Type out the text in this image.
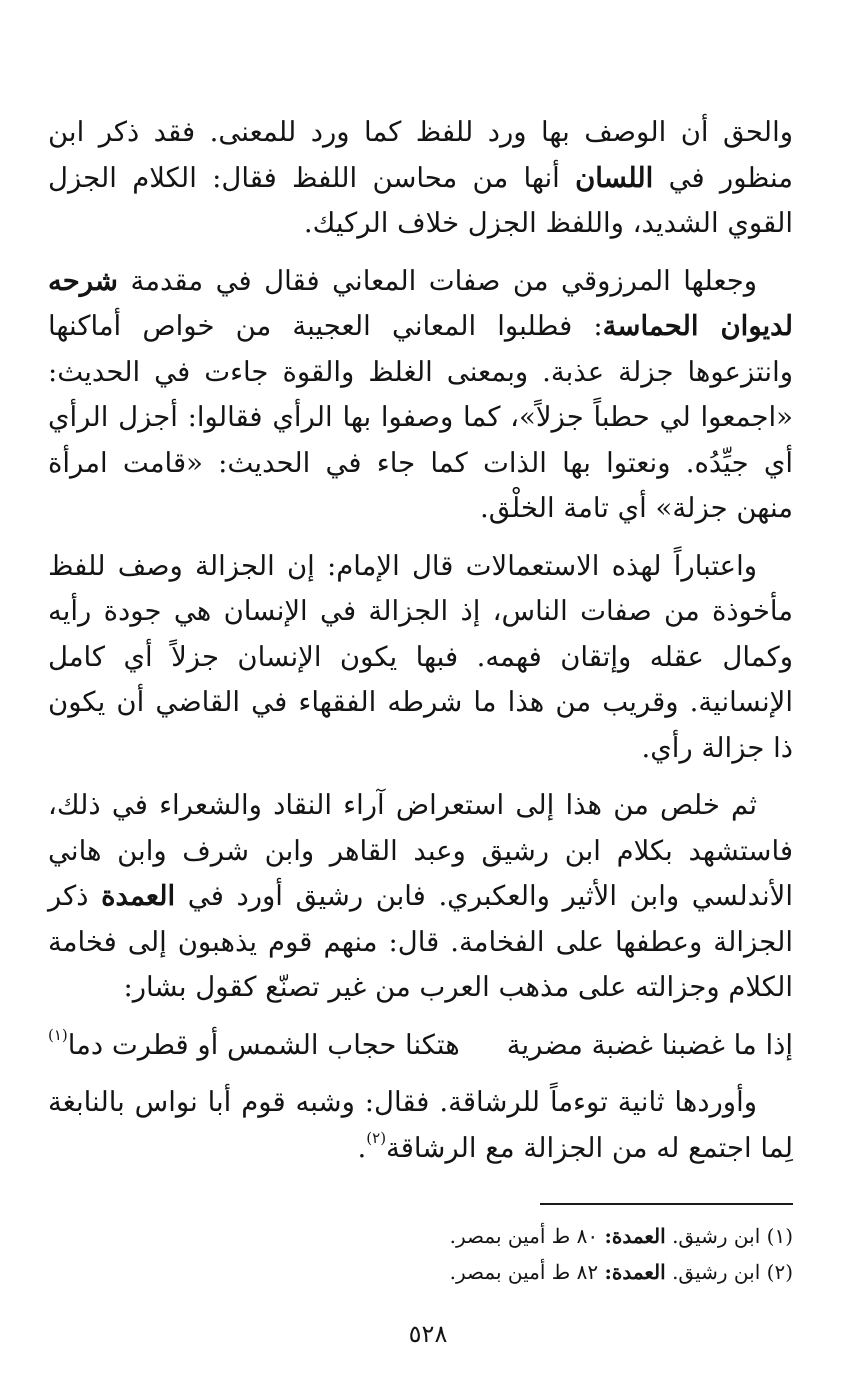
والحق أن الوصف بها ورد للفظ كما ورد للمعنى. فقد ذكر ابن منظور في اللسان أنها من محاسن اللفظ فقال: الكلام الجزل القوي الشديد، واللفظ الجزل خلاف الركيك.

وجعلها المرزوقي من صفات المعاني فقال في مقدمة شرحه لديوان الحماسة: فطلبوا المعاني العجيبة من خواص أماكنها وانتزعوها جزلة عذبة. وبمعنى الغلظ والقوة جاءت في الحديث: «اجمعوا لي حطباً جزلاً»، كما وصفوا بها الرأي فقالوا: أجزل الرأي أي جيِّدُه. ونعتوا بها الذات كما جاء في الحديث: «قامت امرأة منهن جزلة» أي تامة الخلْق.

واعتباراً لهذه الاستعمالات قال الإمام: إن الجزالة وصف للفظ مأخوذة من صفات الناس، إذ الجزالة في الإنسان هي جودة رأيه وكمال عقله وإتقان فهمه. فبها يكون الإنسان جزلاً أي كامل الإنسانية. وقريب من هذا ما شرطه الفقهاء في القاضي أن يكون ذا جزالة رأي.

ثم خلص من هذا إلى استعراض آراء النقاد والشعراء في ذلك، فاستشهد بكلام ابن رشيق وعبد القاهر وابن شرف وابن هاني الأندلسي وابن الأثير والعكبري. فابن رشيق أورد في العمدة ذكر الجزالة وعطفها على الفخامة. قال: منهم قوم يذهبون إلى فخامة الكلام وجزالته على مذهب العرب من غير تصنّع كقول بشار:

إذا ما غضبنا غضبة مضرية
هتكنا حجاب الشمس أو قطرت دما$^{(١)}$

وأوردها ثانية توءماً للرشاقة. فقال: وشبه قوم أبا نواس بالنابغة لِما اجتمع له من الجزالة مع الرشاقة$^{(٢)}$.

(١) ابن رشيق. العمدة: ٨٠ ط أمين بمصر.

(٢) ابن رشيق. العمدة: ٨٢ ط أمين بمصر.

٥٢٨
